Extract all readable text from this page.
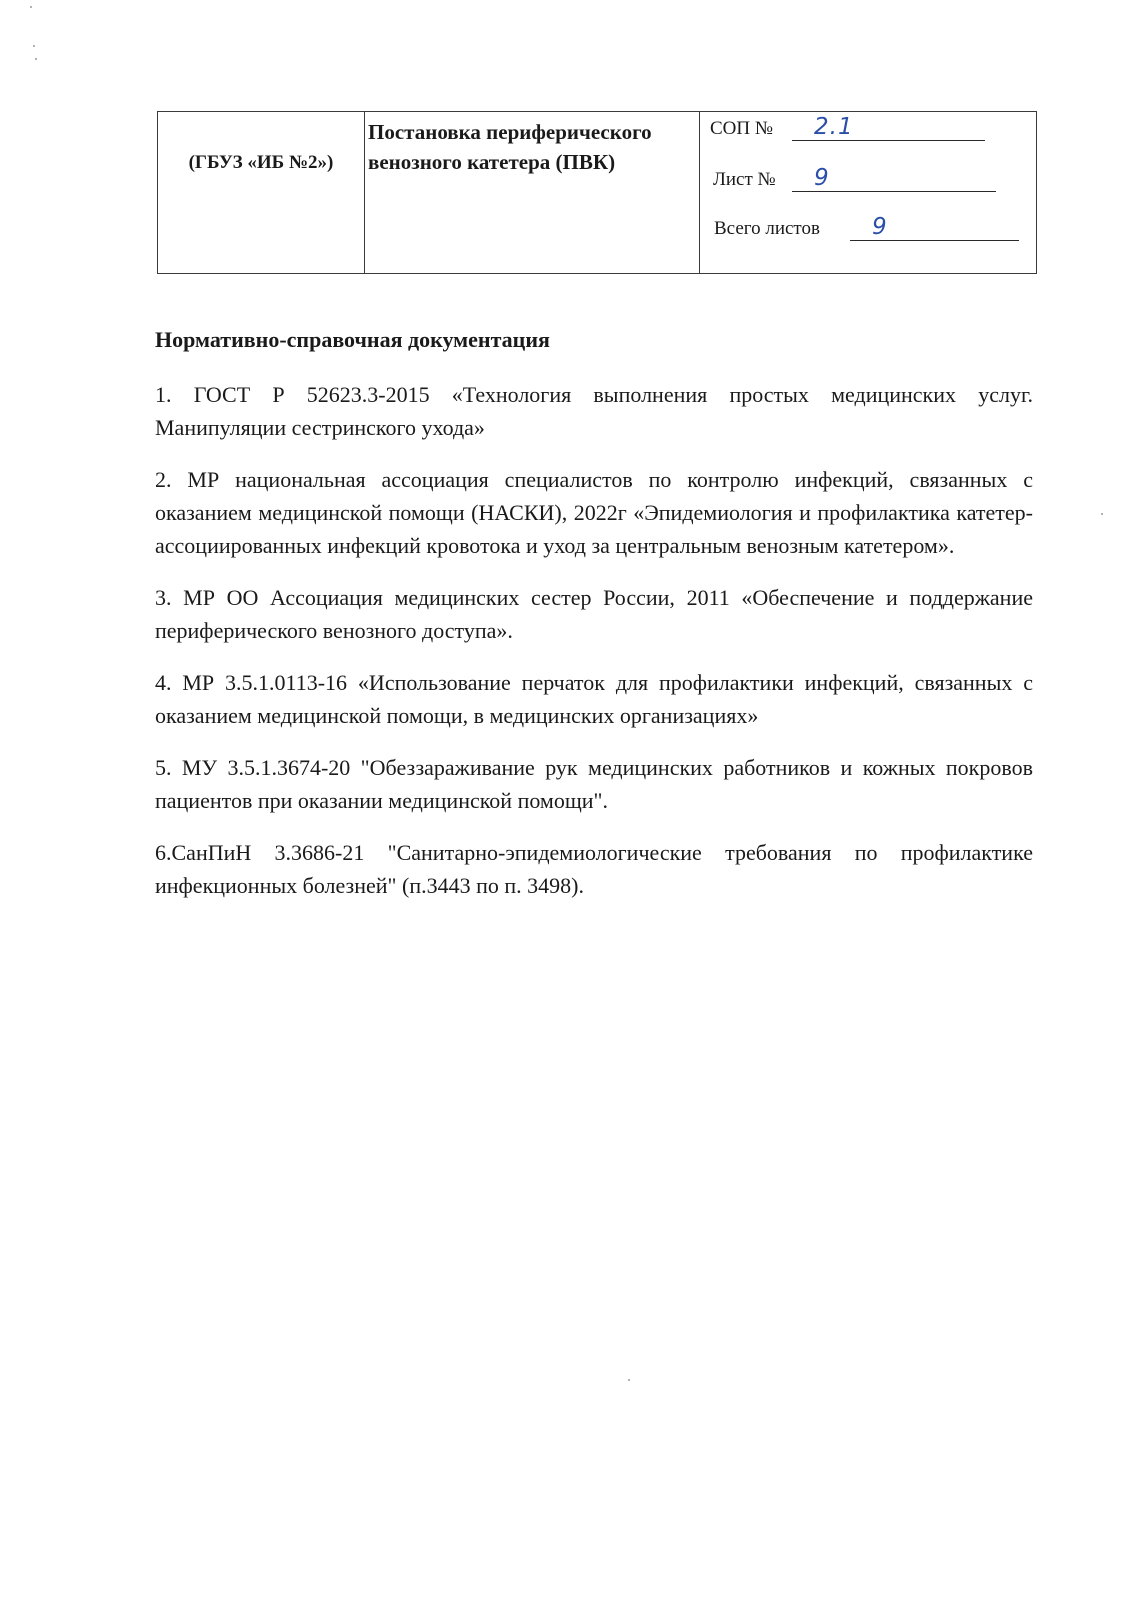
(ГБУЗ «ИБ №2»)

Постановка периферического венозного катетера (ПВК)

СОП № 2.1
Лист № 9
Всего листов 9
Нормативно-справочная документация

1. ГОСТ Р 52623.3-2015 «Технология выполнения простых медицинских услуг. Манипуляции сестринского ухода»

2. МР национальная ассоциация специалистов по контролю инфекций, связанных с оказанием медицинской помощи (НАСКИ), 2022г «Эпидемиология и профилактика катетер-ассоциированных инфекций кровотока и уход за центральным венозным катетером».

3. МР ОО Ассоциация медицинских сестер России, 2011 «Обеспечение и поддержание периферического венозного доступа».

4. МР 3.5.1.0113-16 «Использование перчаток для профилактики инфекций, связанных с оказанием медицинской помощи, в медицинских организациях»

5. МУ 3.5.1.3674-20 "Обеззараживание рук медицинских работников и кожных покровов пациентов при оказании медицинской помощи".

6.СанПиН 3.3686-21 "Санитарно-эпидемиологические требования по профилактике инфекционных болезней" (п.3443 по п. 3498).
